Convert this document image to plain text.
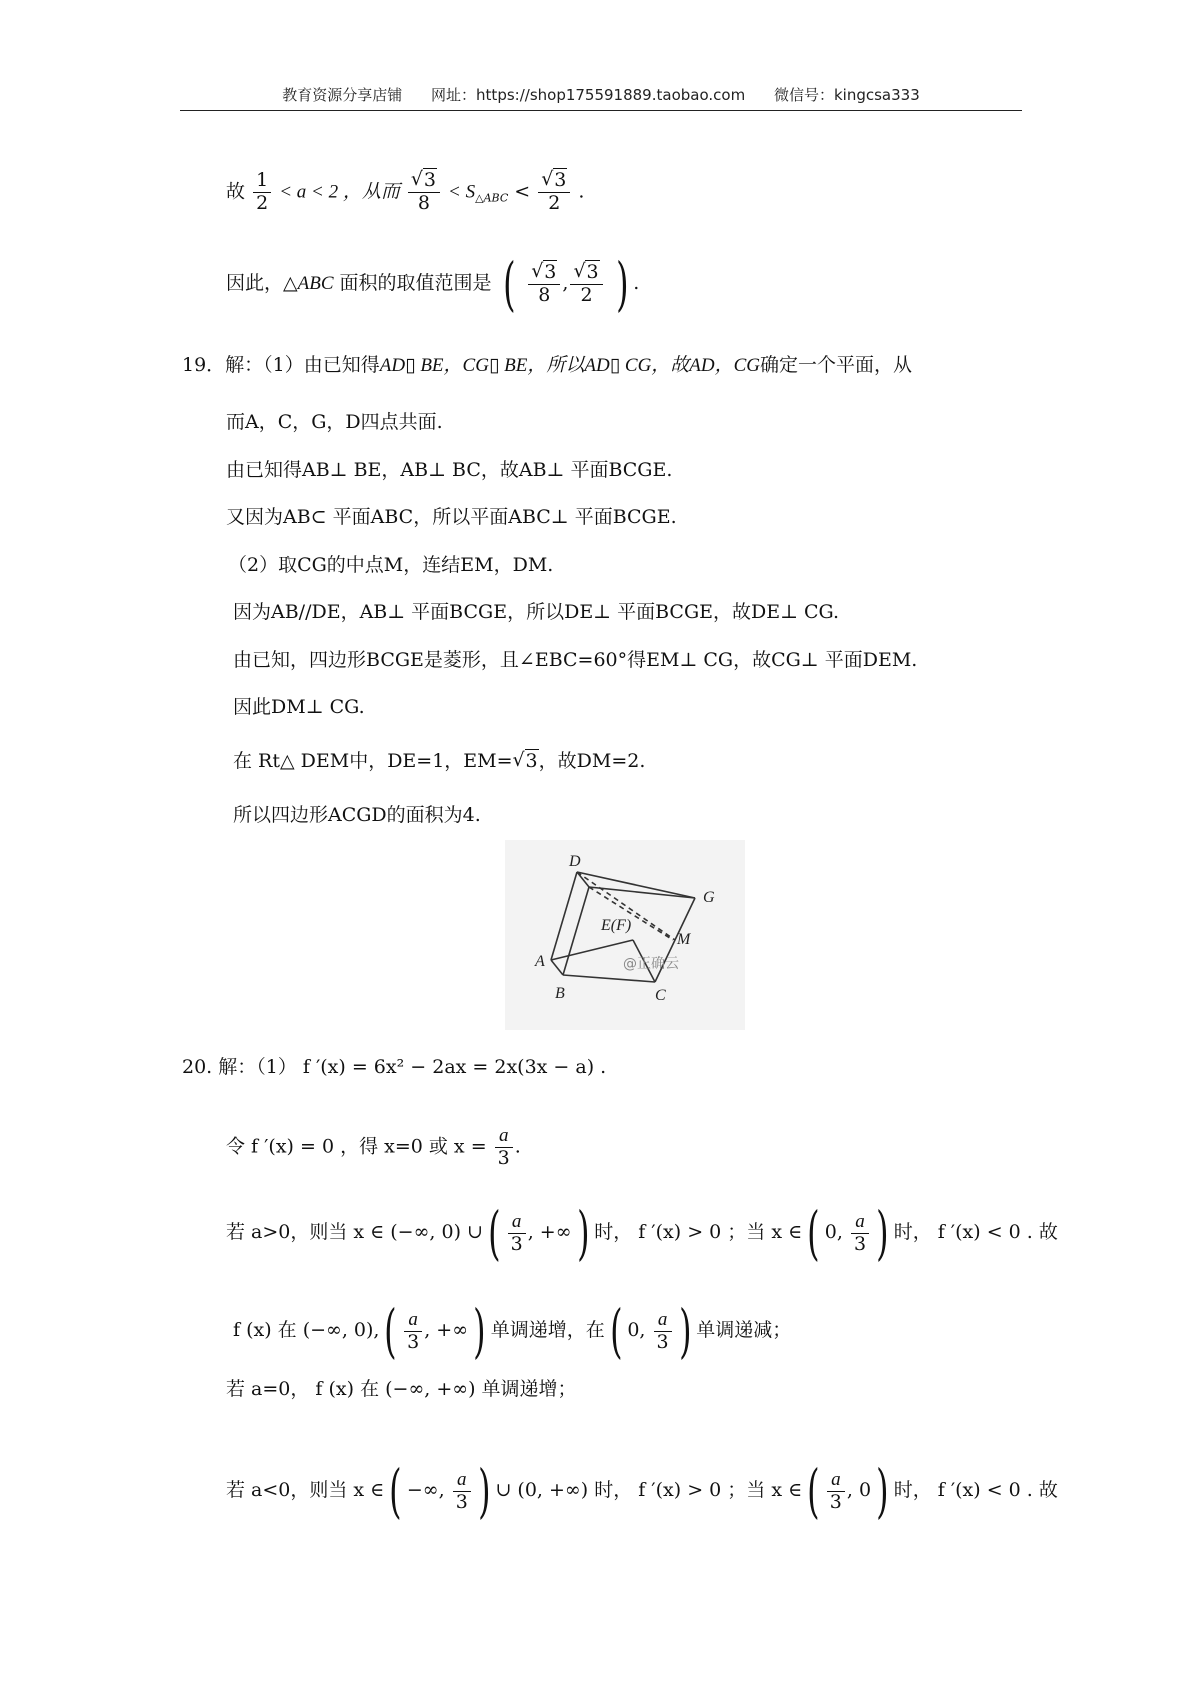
教育资源分享店铺 网址：https://shop175591889.taobao.com 微信号：kingcsa333
故 $\frac{1}{2} < a < 2$ ，从而 √ $\frac{3}{8} < S_{\triangle ABC}$ < √ $\frac{3}{2}$ .
因此，△ABC 面积的取值范围是 ( √ $\frac{3}{8}$ , √ $\frac{3}{2}$ ) .
19．解：（1）由已知得AD▯ BE，CG▯ BE，所以AD▯ CG，故AD，CG确定一个平面，从
而A，C，G，D四点共面.
由已知得AB⊥ BE，AB⊥ BC，故AB⊥ 平面BCGE.
又因为AB⊂ 平面ABC，所以平面ABC⊥ 平面BCGE.
（2）取CG的中点M，连结EM，DM.
因为AB//DE，AB⊥ 平面BCGE，所以DE⊥ 平面BCGE，故DE⊥ CG.
由已知，四边形BCGE是菱形，且∠EBC=60°得EM⊥ CG，故CG⊥ 平面DEM.
因此DM⊥ CG.
在 Rt△ DEM中，DE=1，EM= √ 3，故DM=2.
所以四边形ACGD的面积为4.
D
G
E(F)
M
A
B	C
@正确云
20. 解：（1） f ′(x) = 6x² − 2ax = 2x(3x − a) .
令 f ′(x) = 0 ，得 x=0 或 $x = \frac{a}{3}$ .
若 a>0，则当 x ∈ (−∞, 0) ∪( $\frac{a}{3}$ , +∞) 时， f ′(x) > 0 ；当 x ∈( 0, $\frac{a}{3}$ ) 时， f ′(x) < 0 . 故
f (x) 在 (−∞, $0),( \frac{a}{3}$ , +∞) 单调递增，在( 0, $\frac{a}{3}$ ) 单调递减；
若 a=0， f (x) 在 (−∞, +∞) 单调递增；
若 a<0，则当 x ∈( −∞, $\frac{a}{3}$ ) ∪ (0, +∞) 时， f ′(x) > 0 ；当 x ∈( $\frac{a}{3}$ , 0) 时， f ′(x) < 0 . 故
